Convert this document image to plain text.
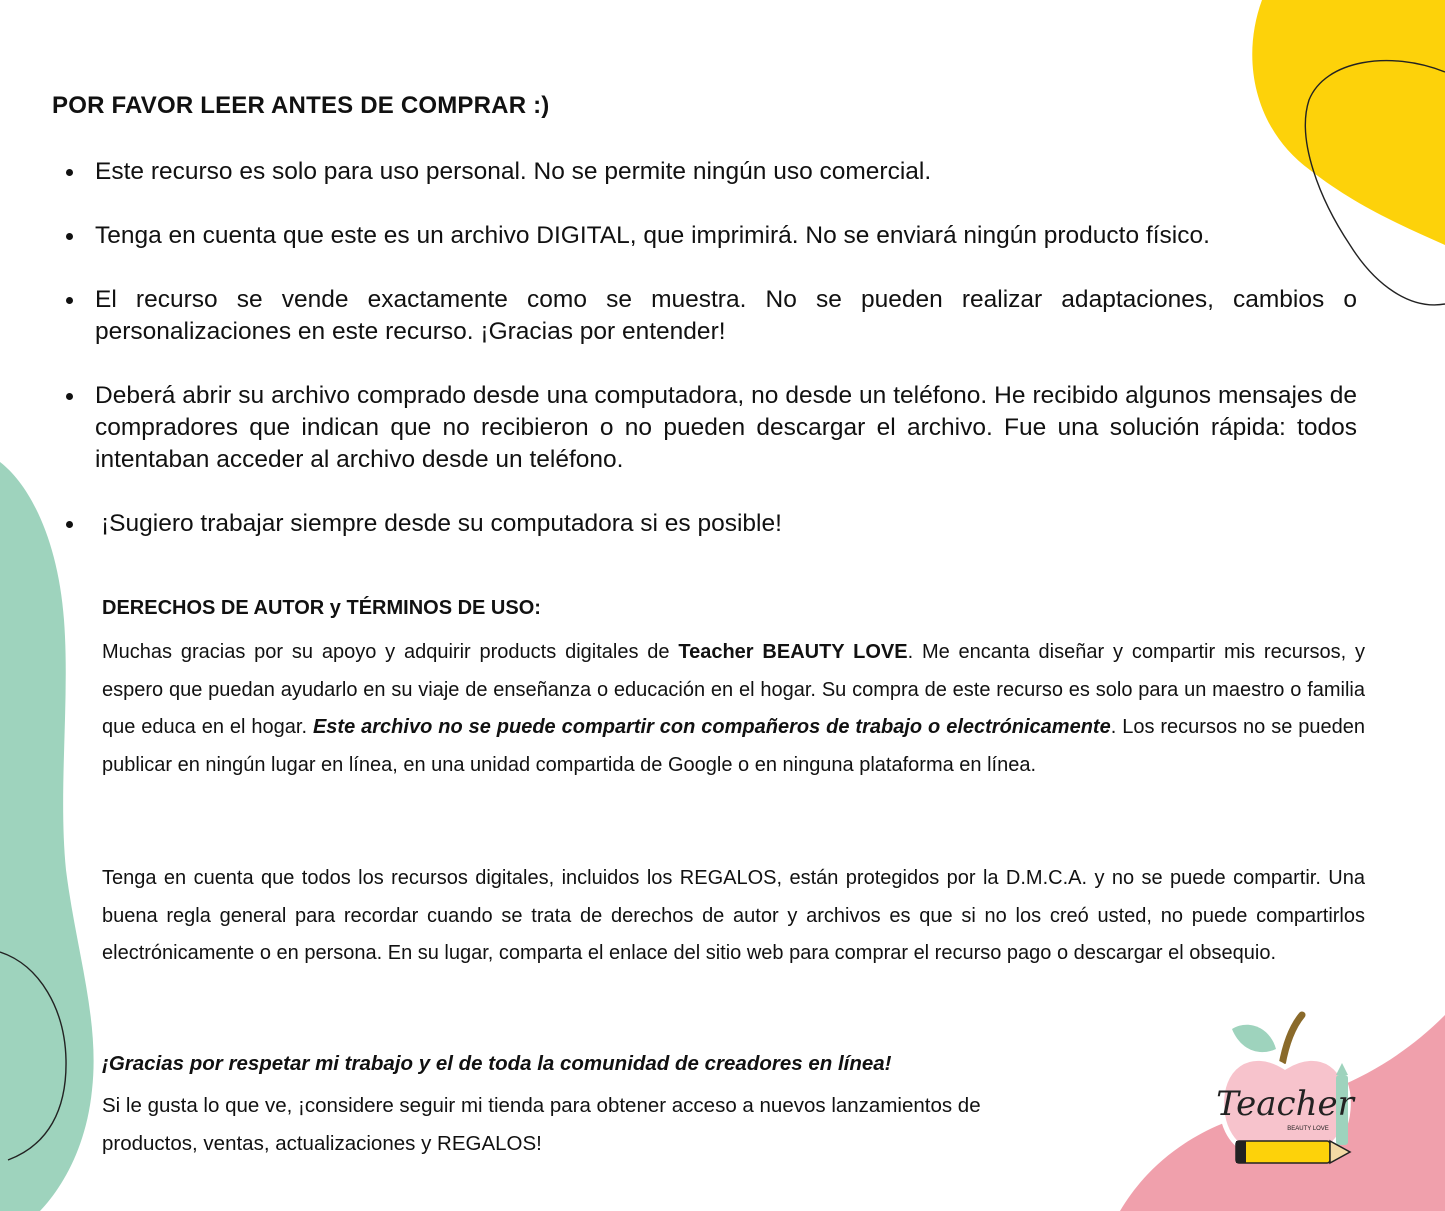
POR FAVOR LEER ANTES DE COMPRAR :)
Este recurso es solo para uso personal. No se permite ningún uso comercial.
Tenga en cuenta que este es un archivo DIGITAL, que imprimirá. No se enviará ningún producto físico.
El recurso se vende exactamente como se muestra. No se pueden realizar adaptaciones, cambios o personalizaciones en este recurso. ¡Gracias por entender!
Deberá abrir su archivo comprado desde una computadora, no desde un teléfono. He recibido algunos mensajes de compradores que indican que no recibieron o no pueden descargar el archivo. Fue una solución rápida: todos intentaban acceder al archivo desde un teléfono.
¡Sugiero trabajar siempre desde su computadora si es posible!
DERECHOS DE AUTOR y TÉRMINOS DE USO:

Muchas gracias por su apoyo y adquirir products digitales de Teacher BEAUTY LOVE. Me encanta diseñar y compartir mis recursos, y espero que puedan ayudarlo en su viaje de enseñanza o educación en el hogar. Su compra de este recurso es solo para un maestro o familia que educa en el hogar. Este archivo no se puede compartir con compañeros de trabajo o electrónicamente. Los recursos no se pueden publicar en ningún lugar en línea, en una unidad compartida de Google o en ninguna plataforma en línea.

Tenga en cuenta que todos los recursos digitales, incluidos los REGALOS, están protegidos por la D.M.C.A. y no se puede compartir. Una buena regla general para recordar cuando se trata de derechos de autor y archivos es que si no los creó usted, no puede compartirlos electrónicamente o en persona. En su lugar, comparta el enlace del sitio web para comprar el recurso pago o descargar el obsequio.

¡Gracias por respetar mi trabajo y el de toda la comunidad de creadores en línea!

Si le gusta lo que ve, ¡considere seguir mi tienda para obtener acceso a nuevos lanzamientos de productos, ventas, actualizaciones y REGALOS!

Teacher
BEAUTY LOVE
